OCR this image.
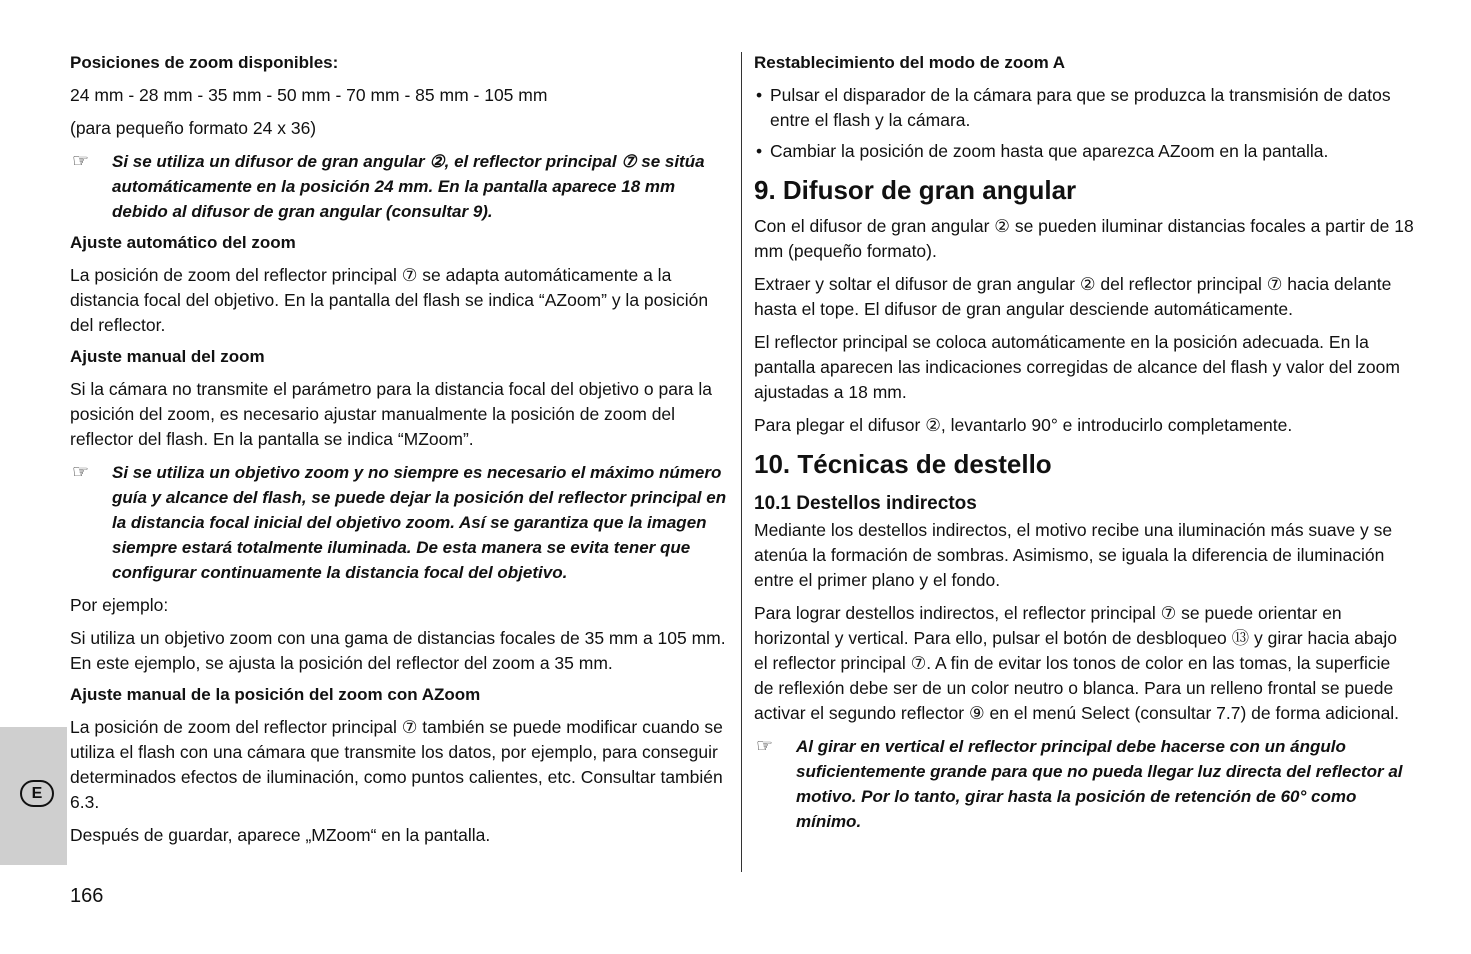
Posiciones de zoom disponibles:
24 mm - 28 mm - 35 mm - 50 mm - 70 mm - 85 mm - 105 mm
(para pequeño formato 24 x 36)
☞ Si se utiliza un difusor de gran angular ②, el reflector principal ⑦ se sitúa automáticamente en la posición 24 mm. En la pantalla aparece 18 mm debido al difusor de gran angular (consultar 9).
Ajuste automático del zoom
La posición de zoom del reflector principal ⑦ se adapta automáticamente a la distancia focal del objetivo. En la pantalla del flash se indica “AZoom” y la posición del reflector.
Ajuste manual del zoom
Si la cámara no transmite el parámetro para la distancia focal del objetivo o para la posición del zoom, es necesario ajustar manualmente la posición de zoom del reflector del flash. En la pantalla se indica “MZoom”.
☞ Si se utiliza un objetivo zoom y no siempre es necesario el máximo número guía y alcance del flash, se puede dejar la posición del reflector principal en la distancia focal inicial del objetivo zoom. Así se garantiza que la imagen siempre estará totalmente iluminada. De esta manera se evita tener que configurar continuamente la distancia focal del objetivo.
Por ejemplo:
Si utiliza un objetivo zoom con una gama de distancias focales de 35 mm a 105 mm. En este ejemplo, se ajusta la posición del reflector del zoom a 35 mm.
Ajuste manual de la posición del zoom con AZoom
La posición de zoom del reflector principal ⑦ también se puede modificar cuando se utiliza el flash con una cámara que transmite los datos, por ejemplo, para conseguir determinados efectos de iluminación, como puntos calientes, etc. Consultar también 6.3.
Después de guardar, aparece „MZoom“ en la pantalla.
Restablecimiento del modo de zoom A
• Pulsar el disparador de la cámara para que se produzca la transmisión de datos entre el flash y la cámara.
• Cambiar la posición de zoom hasta que aparezca AZoom en la pantalla.
9. Difusor de gran angular
Con el difusor de gran angular ② se pueden iluminar distancias focales a partir de 18 mm (pequeño formato).
Extraer y soltar el difusor de gran angular ② del reflector principal ⑦ hacia delante hasta el tope. El difusor de gran angular desciende automáticamente.
El reflector principal se coloca automáticamente en la posición adecuada. En la pantalla aparecen las indicaciones corregidas de alcance del flash y valor del zoom ajustadas a 18 mm.
Para plegar el difusor ②, levantarlo 90° e introducirlo completamente.
10. Técnicas de destello
10.1 Destellos indirectos
Mediante los destellos indirectos, el motivo recibe una iluminación más suave y se atenúa la formación de sombras. Asimismo, se iguala la diferencia de iluminación entre el primer plano y el fondo.
Para lograr destellos indirectos, el reflector principal ⑦ se puede orientar en horizontal y vertical. Para ello, pulsar el botón de desbloqueo ⑬ y girar hacia abajo el reflector principal ⑦. A fin de evitar los tonos de color en las tomas, la superficie de reflexión debe ser de un color neutro o blanca. Para un relleno frontal se puede activar el segundo reflector ⑨ en el menú Select (consultar 7.7) de forma adicional.
☞ Al girar en vertical el reflector principal debe hacerse con un ángulo suficientemente grande para que no pueda llegar luz directa del reflector al motivo. Por lo tanto, girar hasta la posición de retención de 60° como mínimo.
E
166
